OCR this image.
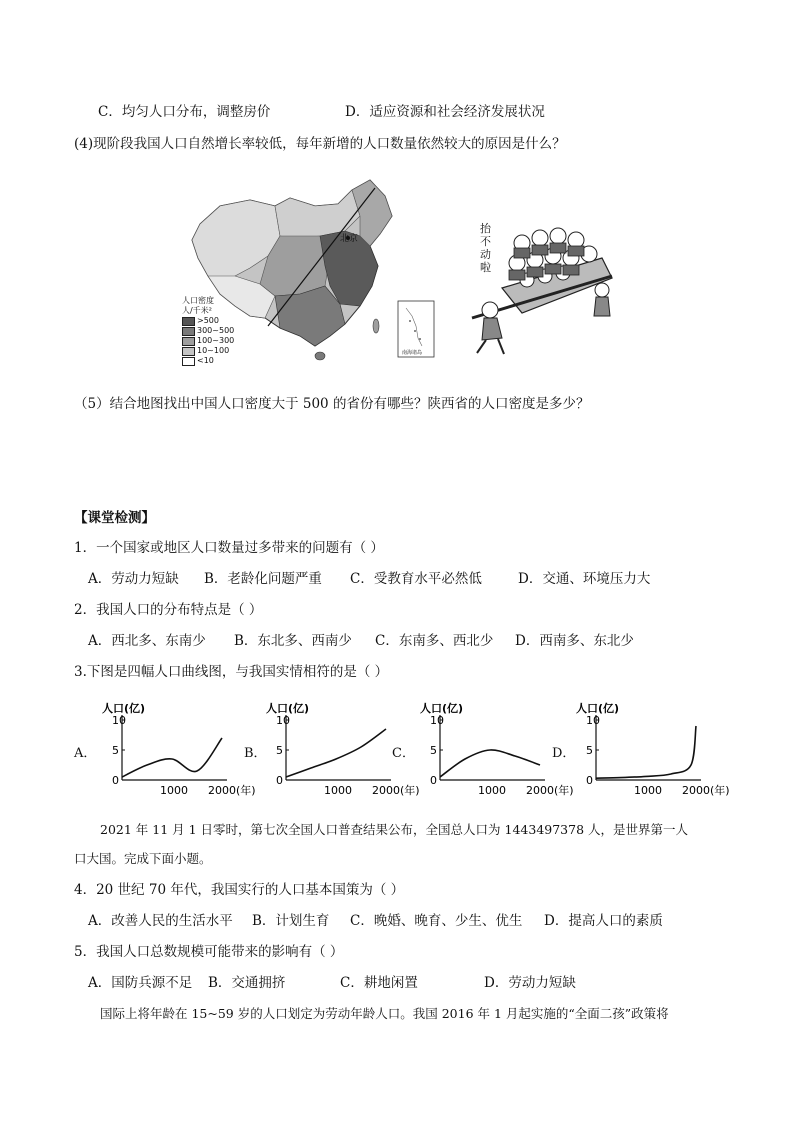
C．均匀人口分布，调整房价	D．适应资源和社会经济发展状况
(4)现阶段我国人口自然增长率较低，每年新增的人口数量依然较大的原因是什么？
北京
南海诸岛
人口密度
人/千米²
>500
300~500
100~300
10~100
<10
抬不动啦
（5）结合地图找出中国人口密度大于 500 的省份有哪些？陕西省的人口密度是多少？
【课堂检测】
1．一个国家或地区人口数量过多带来的问题有（ ）
A．劳动力短缺 B．老龄化问题严重 C．受教育水平必然低	D．交通、环境压力大
2．我国人口的分布特点是（ ）
A．西北多、东南少 B．东北多、西南少 C．东南多、西北少 D．西南多、东北少
3.下图是四幅人口曲线图，与我国实情相符的是（ ）
A．	B．	C．	D．
人口(亿)
10
5
0
1000 2000(年)
人口(亿)
10
5
0
1000 2000(年)
人口(亿)
10
5
0
1000 2000(年)
人口(亿)
10
5
0
1000 2000(年)
2021 年 11 月 1 日零时，第七次全国人口普查结果公布，全国总人口为 1443497378 人，是世界第一人
口大国。完成下面小题。
4．20 世纪 70 年代，我国实行的人口基本国策为（ ）
A．改善人民的生活水平 B．计划生育 C．晚婚、晚育、少生、优生 D．提高人口的素质
5．我国人口总数规模可能带来的影响有（ ）
A．国防兵源不足 B．交通拥挤	C．耕地闲置	D．劳动力短缺
国际上将年龄在 15~59 岁的人口划定为劳动年龄人口。我国 2016 年 1 月起实施的“全面二孩”政策将
